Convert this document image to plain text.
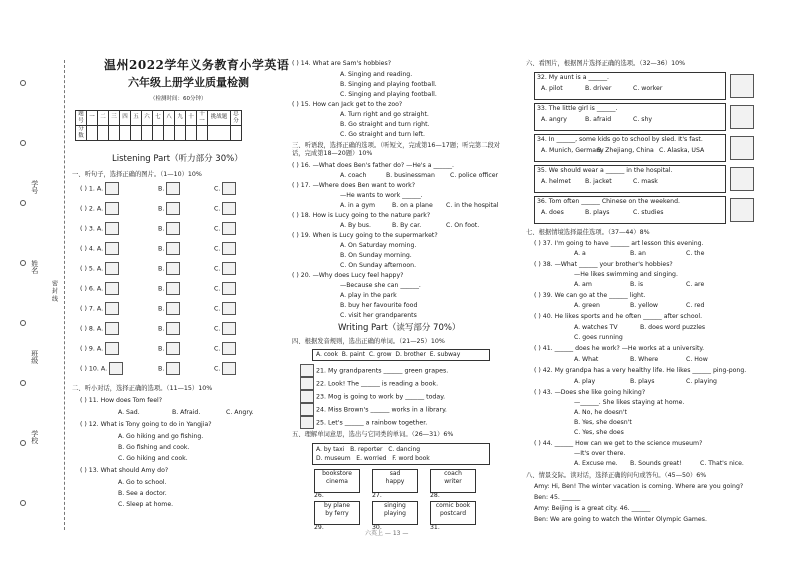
学号
姓名
班级
学校
密 封 线
温州2022学年义务教育小学英语
六年级上册学业质量检测
（检测时间：60分钟）
题号	一	二	三	四	五	六	七	八	九	十	十一	挑战题	总分
分数													
Listening Part（听力部分 30%）
一、听句子，选择正确的图片。（1—10）10%
( ) 1. A.	B.	C.
( ) 2. A.	B.	C.
( ) 3. A.	B.	C.
( ) 4. A.	B.	C.
( ) 5. A.	B.	C.
( ) 6. A.	B.	C.
( ) 7. A.	B.	C.
( ) 8. A.	B.	C.
( ) 9. A.	B.	C.
( ) 10. A.	B.	C.
二、听小对话，选择正确的选项。（11—15）10%
( ) 11. How does Tom feel?
A. Sad.	B. Afraid.	C. Angry.
( ) 12. What is Tony going to do in Yangjia?
A. Go hiking and go fishing.
B. Go fishing and cook.
C. Go hiking and cook.
( ) 13. What should Amy do?
A. Go to school.
B. See a doctor.
C. Sleep at home.
( ) 14. What are Sam's hobbies?
A. Singing and reading.
B. Singing and playing football.
C. Singing and playing football.
( ) 15. How can Jack get to the zoo?
A. Turn right and go straight.
B. Go straight and turn right.
C. Go straight and turn left.
三、听语段，选择正确的选项。（听短文，完成第16—17题；听完第二段对话，完成第18—20题）10%
( ) 16. —What does Ben's father do? —He's a ______.
A. coach	B. businessman C. police officer
( ) 17. —Where does Ben want to work?
—He wants to work ______.
A. in a gym	B. on a plane C. in the hospital
( ) 18. How is Lucy going to the nature park?
A. By bus.	B. By car.	C. On foot.
( ) 19. When is Lucy going to the supermarket?
A. On Saturday morning.
B. On Sunday morning.
C. On Sunday afternoon.
( ) 20. —Why does Lucy feel happy?
—Because she can ______.
A. play in the park
B. buy her favourite food
C. visit her grandparents
Writing Part（读写部分 70%）
四、根据发音规则，选出正确的单词。（21—25）10%
A. cook B. paint C. grow D. brother E. subway
21. My grandparents ______ green grapes.
22. Look! The ______ is reading a book.
23. Mog is going to work by ______ today.
24. Miss Brown's ______ works in a library.
25. Let's ______ a rainbow together.
五、理解单词意思，选出与它同类的单词。（26—31）6%
A. by taxi B. reporter C. dancing
D. museum E. worried F. word book
bookstore
cinema
26.
sad
happy
27.
coach
writer
28.
by plane
by ferry
29.
singing
playing
30.
comic book
postcard
31.
六、看图片，根据图片选择正确的选项。（32—36）10%
32. My aunt is a ______.
A. pilot	B. driver	C. worker
33. The little girl is ______.
A. angry	B. afraid	C. shy
34. In ______, some kids go to school by sled. It's fast.
A. Munich, Germany
B. Zhejiang, China C. Alaska, USA
35. We should wear a ______ in the hospital.
A. helmet B. jacket	C. mask
36. Tom often ______ Chinese on the weekend.
A. does	B. plays	C. studies
七、根据情境选择最佳选项。（37—44）8%
( ) 37. I'm going to have ______ art lesson this evening.
A. a	B. an	C. the
( ) 38. —What ______ your brother's hobbies?
—He likes swimming and singing.
A. am	B. is	C. are
( ) 39. We can go at the ______ light.
A. green	B. yellow	C. red
( ) 40. He likes sports and he often ______ after school.
A. watches TV	B. does word puzzles
C. goes running
( ) 41. ______ does he work? —He works at a university.
A. What	B. Where	C. How
( ) 42. My grandpa has a very healthy life. He likes ______ ping-pong.
A. play	B. plays	C. playing
( ) 43. —Does she like going hiking?
—______. She likes staying at home.
A. No, he doesn't
B. Yes, she doesn't
C. Yes, she does
( ) 44. ______ How can we get to the science museum?
—It's over there.
A. Excuse me. B. Sounds great!	C. That's nice.
八、情景交际。读对话，选择正确的问句或答句。（45—50）6%
Amy: Hi, Ben! The winter vacation is coming. Where are you going?
Ben: 45. ______
Amy: Beijing is a great city. 46. ______
Ben: We are going to watch the Winter Olympic Games.
六英上 — 13 —
